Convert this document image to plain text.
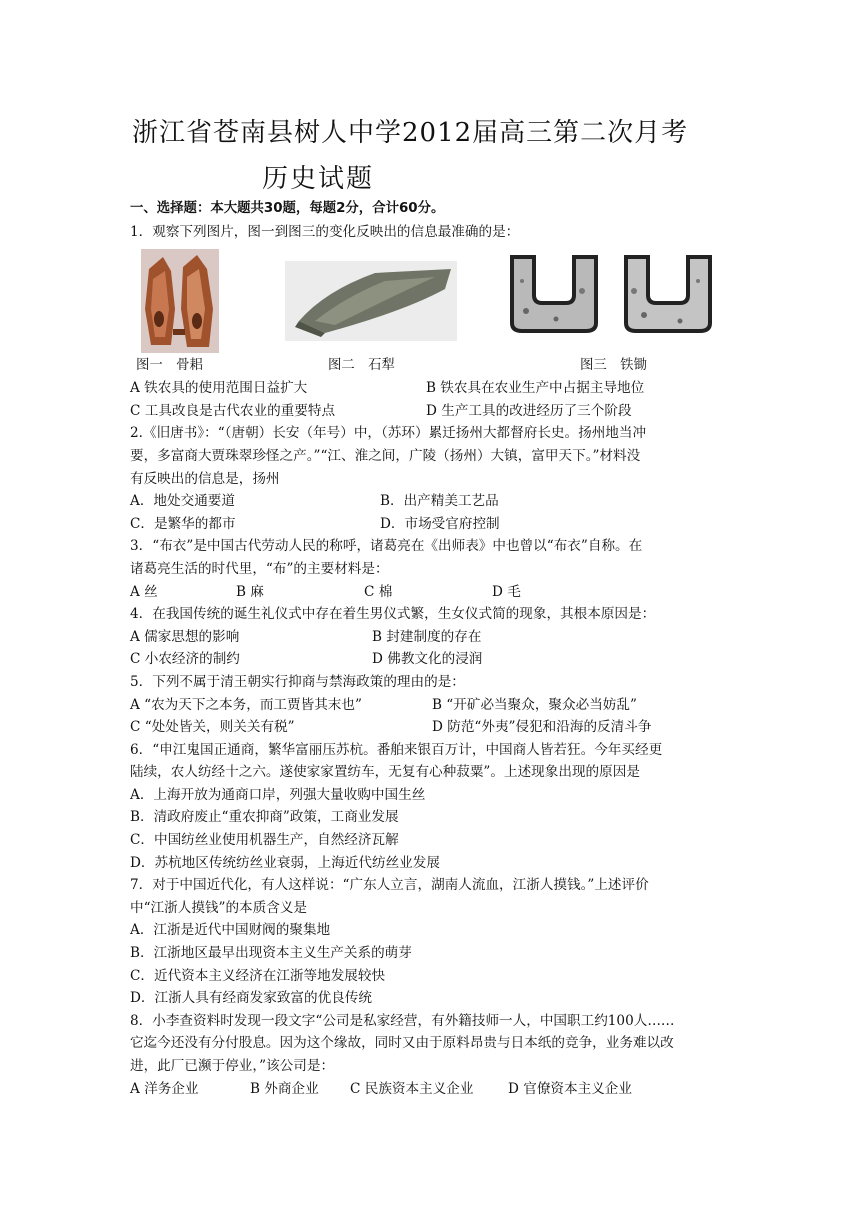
浙江省苍南县树人中学2012届高三第二次月考
历史试题
一、选择题：本大题共30题，每题2分，合计60分。
1．观察下列图片，图一到图三的变化反映出的信息最准确的是：
图一　骨耜	图二　石犁	图三　铁锄
A 铁农具的使用范围日益扩大	B 铁农具在农业生产中占据主导地位
C 工具改良是古代农业的重要特点	D 生产工具的改进经历了三个阶段
2.《旧唐书》：“（唐朝）长安（年号）中，（苏环）累迁扬州大都督府长史。扬州地当冲
要，多富商大贾珠翠珍怪之产。”“江、淮之间，广陵（扬州）大镇，富甲天下。”材料没
有反映出的信息是，扬州
A．地处交通要道	B．出产精美工艺品
C．是繁华的都市	D．市场受官府控制
3．“布衣”是中国古代劳动人民的称呼，诸葛亮在《出师表》中也曾以“布衣”自称。在
诸葛亮生活的时代里，“布”的主要材料是：
A 丝	B 麻	C 棉	D 毛
4．在我国传统的诞生礼仪式中存在着生男仪式繁，生女仪式简的现象，其根本原因是：
A 儒家思想的影响	B 封建制度的存在
C 小农经济的制约	D 佛教文化的浸润
5．下列不属于清王朝实行抑商与禁海政策的理由的是：
A “农为天下之本务，而工贾皆其末也”	B “开矿必当聚众，聚众必当妨乱”
C “处处皆关，则关关有税”	D 防范“外夷”侵犯和沿海的反清斗争
6．“申江鬼国正通商，繁华富丽压苏杭。番舶来银百万计，中国商人皆若狂。今年买经更
陆续，农人纺经十之六。遂使家家置纺车，无复有心种菽粟”。上述现象出现的原因是
A．上海开放为通商口岸，列强大量收购中国生丝
B．清政府废止“重农抑商”政策，工商业发展
C．中国纺丝业使用机器生产，自然经济瓦解
D．苏杭地区传统纺丝业衰弱，上海近代纺丝业发展
7．对于中国近代化，有人这样说：“广东人立言，湖南人流血，江浙人摸钱。”上述评价
中“江浙人摸钱”的本质含义是
A．江浙是近代中国财阀的聚集地
B．江浙地区最早出现资本主义生产关系的萌芽
C．近代资本主义经济在江浙等地发展较快
D．江浙人具有经商发家致富的优良传统
8．小李查资料时发现一段文字“公司是私家经营，有外籍技师一人，中国职工约100人……
它迄今还没有分付股息。因为这个缘故，同时又由于原料昂贵与日本纸的竞争，业务难以改
进，此厂已濒于停业，”该公司是：
A 洋务企业	B 外商企业 C 民族资本主义企业	D 官僚资本主义企业
